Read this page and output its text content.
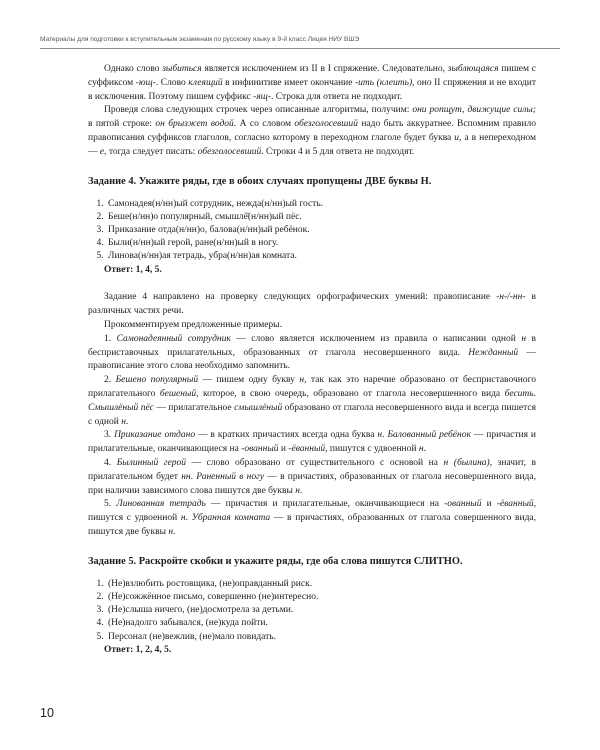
Материалы для подготовки к вступительным экзаменам по русскому языку в 9-й класс Лицея НИУ ВШЭ

Однако слово зыбиться является исключением из II в I спряжение. Следовательно, зыблющаяся пишем с суффиксом -ющ-. Слово клеящий в инфинитиве имеет окончание -ить (клеить), оно II спряжения и не входит в исключения. Поэтому пишем суффикс -ящ-. Строка для ответа не подходит.

Проведя слова следующих строчек через описанные алгоритмы, получим: они ропщут, движущие силы; в пятой строке: он брызжет водой. А со словом обезголосевший надо быть аккуратнее. Вспомним правило правописания суффиксов глаголов, согласно которому в переходном глаголе будет буква и, а в непереходном — е, тогда следует писать: обезголосевший. Строки 4 и 5 для ответа не подходят.

Задание 4. Укажите ряды, где в обоих случаях пропущены ДВЕ буквы Н.
1. Самонадея(н/нн)ый сотрудник, нежда(н/нн)ый гость.
2. Беше(н/нн)о популярный, смышлё̈(н/нн)ый пёс.
3. Приказание отда(н/нн)о, балова(н/нн)ый ребёнок.
4. Были(н/нн)ый герой, ране(н/нн)ый в ногу.
5. Линова(н/нн)ая тетрадь, убра(н/нн)ая комната.

Ответ: 1, 4, 5.

Задание 4 направлено на проверку следующих орфографических умений: правописание -н-/-нн- в различных частях речи.

Прокомментируем предложенные примеры.

1. Самонадеянный сотрудник — слово является исключением из правила о написании одной н в бесприставочных прилагательных, образованных от глагола несовершенного вида. Нежданный — правописание этого слова необходимо запомнить.

2. Бешено популярный — пишем одну букву н, так как это наречие образовано от бесприставочного прилагательного бешеный, которое, в свою очередь, образовано от глагола несовершенного вида бесить. Смышлёный пёс — прилагательное смышлёный образовано от глагола несовершенного вида и всегда пишется с одной н.

3. Приказание отдано — в кратких причастиях всегда одна буква н. Балованный ребёнок — причастия и прилагательные, оканчивающиеся на -ованный и -ёванный, пишутся с удвоенной н.

4. Былинный герой — слово образовано от существительного с основой на н (былина), значит, в прилагательном будет нн. Раненный в ногу — в причастиях, образованных от глагола несовершенного вида, при наличии зависимого слова пишутся две буквы н.

5. Линованная тетрадь — причастия и прилагательные, оканчивающиеся на -ованный и -ёванный, пишутся с удвоенной н. Убранная комната — в причастиях, образованных от глагола совершенного вида, пишутся две буквы н.

Задание 5. Раскройте скобки и укажите ряды, где оба слова пишутся СЛИТНО.
1. (Не)взлюбить ростовщика, (не)оправданный риск.
2. (Не)сожжённое письмо, совершенно (не)интересно.
3. (Не)слыша ничего, (не)досмотрела за детьми.
4. (Не)надолго забывался, (не)куда пойти.
5. Персонал (не)вежлив, (не)мало повидать.

Ответ: 1, 2, 4, 5.

10
